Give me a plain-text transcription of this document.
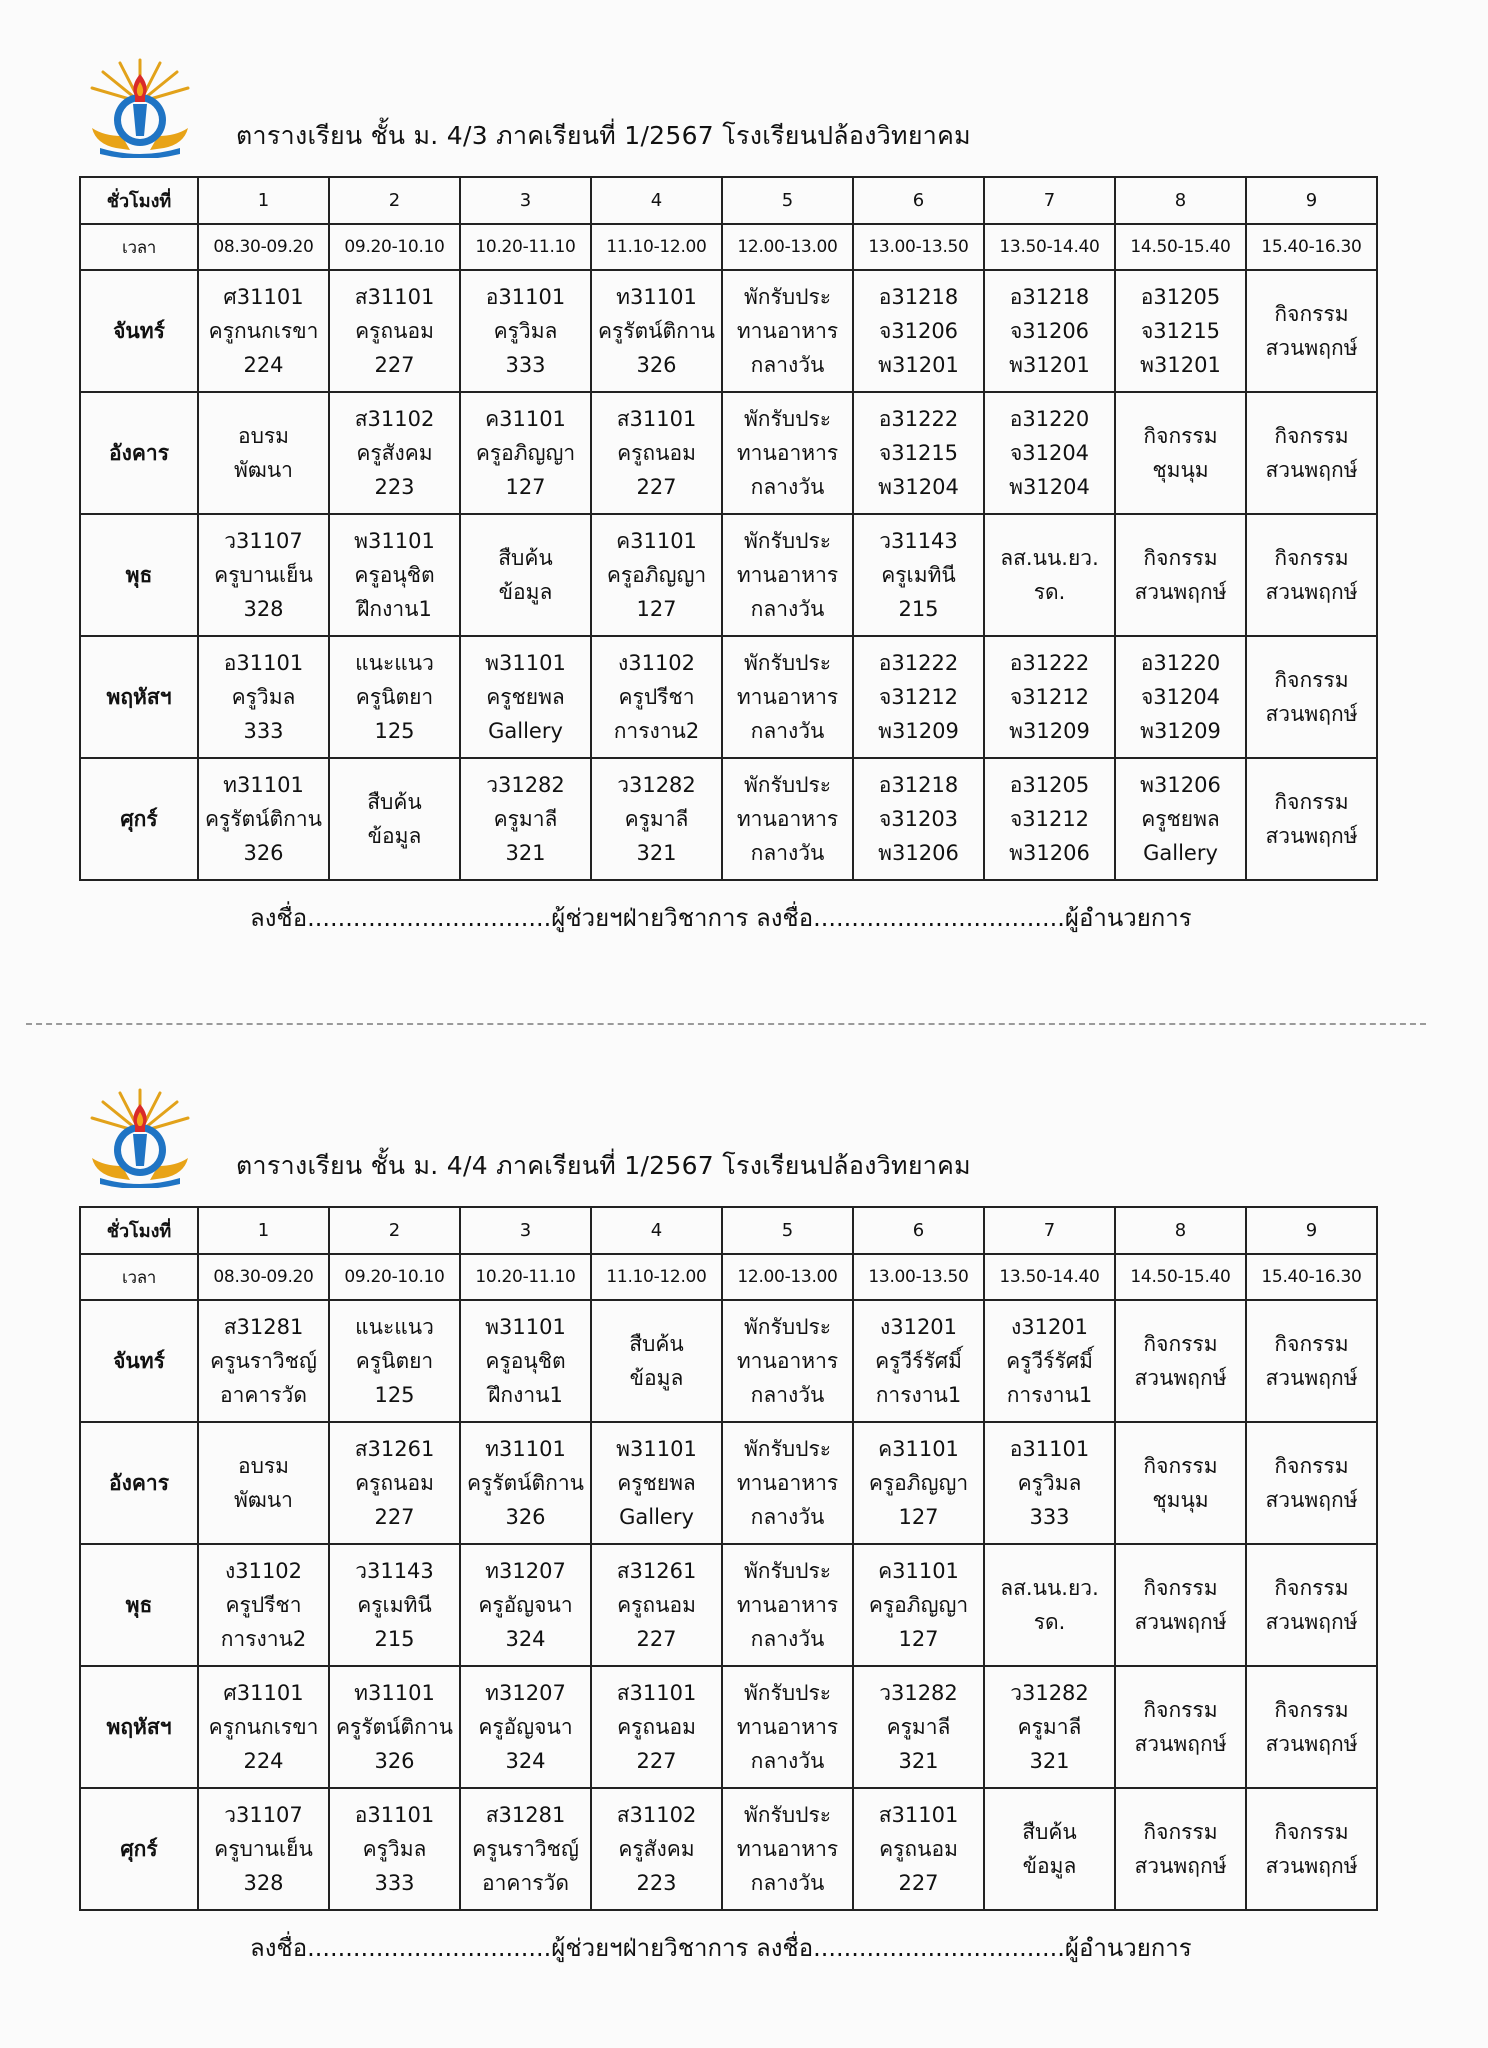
ตารางเรียน ชั้น ม. 4/3 ภาคเรียนที่ 1/2567 โรงเรียนปล้องวิทยาคม
ชั่วโมงที่	1	2	3	4	5	6	7	8	9
เวลา	08.30-09.20	09.20-10.10	10.20-11.10	11.10-12.00	12.00-13.00	13.00-13.50	13.50-14.40	14.50-15.40	15.40-16.30
จันทร์	ศ31101
ครูกนกเรขา
224	ส31101
ครูถนอม
227	อ31101
ครูวิมล
333	ท31101
ครูรัตน์ติกาน
326	พักรับประ
ทานอาหาร
กลางวัน	อ31218
จ31206
พ31201	อ31218
จ31206
พ31201	อ31205
จ31215
พ31201	กิจกรรม
สวนพฤกษ์

อังคาร	อบรม
พัฒนา	ส31102
ครูสังคม
223	ค31101
ครูอภิญญา
127	ส31101
ครูถนอม
227	พักรับประ
ทานอาหาร
กลางวัน	อ31222
จ31215
พ31204	อ31220
จ31204
พ31204	กิจกรรม
ชุมนุม	กิจกรรม
สวนพฤกษ์

พุธ	ว31107
ครูบานเย็น
328	พ31101
ครูอนุชิต
ฝึกงาน1	สืบค้น
ข้อมูล	ค31101
ครูอภิญญา
127	พักรับประ
ทานอาหาร
กลางวัน	ว31143
ครูเมทินี
215	ลส.นน.ยว.
รด.	กิจกรรม
สวนพฤกษ์	กิจกรรม
สวนพฤกษ์

พฤหัสฯ	อ31101
ครูวิมล
333	แนะแนว
ครูนิตยา
125	พ31101
ครูชยพล
Gallery	ง31102
ครูปรีชา
การงาน2	พักรับประ
ทานอาหาร
กลางวัน	อ31222
จ31212
พ31209	อ31222
จ31212
พ31209	อ31220
จ31204
พ31209	กิจกรรม
สวนพฤกษ์

ศุกร์	ท31101
ครูรัตน์ติกาน
326	สืบค้น
ข้อมูล	ว31282
ครูมาลี
321	ว31282
ครูมาลี
321	พักรับประ
ทานอาหาร
กลางวัน	อ31218
จ31203
พ31206	อ31205
จ31212
พ31206	พ31206
ครูชยพล
Gallery	กิจกรรม
สวนพฤกษ์
ลงชื่อ................................ผู้ช่วยฯฝ่ายวิชาการ ลงชื่อ.................................ผู้อำนวยการ
ตารางเรียน ชั้น ม. 4/4 ภาคเรียนที่ 1/2567 โรงเรียนปล้องวิทยาคม
ชั่วโมงที่	1	2	3	4	5	6	7	8	9
เวลา	08.30-09.20	09.20-10.10	10.20-11.10	11.10-12.00	12.00-13.00	13.00-13.50	13.50-14.40	14.50-15.40	15.40-16.30
จันทร์	ส31281
ครูนราวิชญ์
อาคารวัด	แนะแนว
ครูนิตยา
125	พ31101
ครูอนุชิต
ฝึกงาน1	สืบค้น
ข้อมูล	พักรับประ
ทานอาหาร
กลางวัน	ง31201
ครูวีร์รัศมิ์
การงาน1	ง31201
ครูวีร์รัศมิ์
การงาน1	กิจกรรม
สวนพฤกษ์	กิจกรรม
สวนพฤกษ์

อังคาร	อบรม
พัฒนา	ส31261
ครูถนอม
227	ท31101
ครูรัตน์ติกาน
326	พ31101
ครูชยพล
Gallery	พักรับประ
ทานอาหาร
กลางวัน	ค31101
ครูอภิญญา
127	อ31101
ครูวิมล
333	กิจกรรม
ชุมนุม	กิจกรรม
สวนพฤกษ์

พุธ	ง31102
ครูปรีชา
การงาน2	ว31143
ครูเมทินี
215	ท31207
ครูอัญจนา
324	ส31261
ครูถนอม
227	พักรับประ
ทานอาหาร
กลางวัน	ค31101
ครูอภิญญา
127	ลส.นน.ยว.
รด.	กิจกรรม
สวนพฤกษ์	กิจกรรม
สวนพฤกษ์

พฤหัสฯ	ศ31101
ครูกนกเรขา
224	ท31101
ครูรัตน์ติกาน
326	ท31207
ครูอัญจนา
324	ส31101
ครูถนอม
227	พักรับประ
ทานอาหาร
กลางวัน	ว31282
ครูมาลี
321	ว31282
ครูมาลี
321	กิจกรรม
สวนพฤกษ์	กิจกรรม
สวนพฤกษ์

ศุกร์	ว31107
ครูบานเย็น
328	อ31101
ครูวิมล
333	ส31281
ครูนราวิชญ์
อาคารวัด	ส31102
ครูสังคม
223	พักรับประ
ทานอาหาร
กลางวัน	ส31101
ครูถนอม
227	สืบค้น
ข้อมูล	กิจกรรม
สวนพฤกษ์	กิจกรรม
สวนพฤกษ์
ลงชื่อ................................ผู้ช่วยฯฝ่ายวิชาการ ลงชื่อ.................................ผู้อำนวยการ
